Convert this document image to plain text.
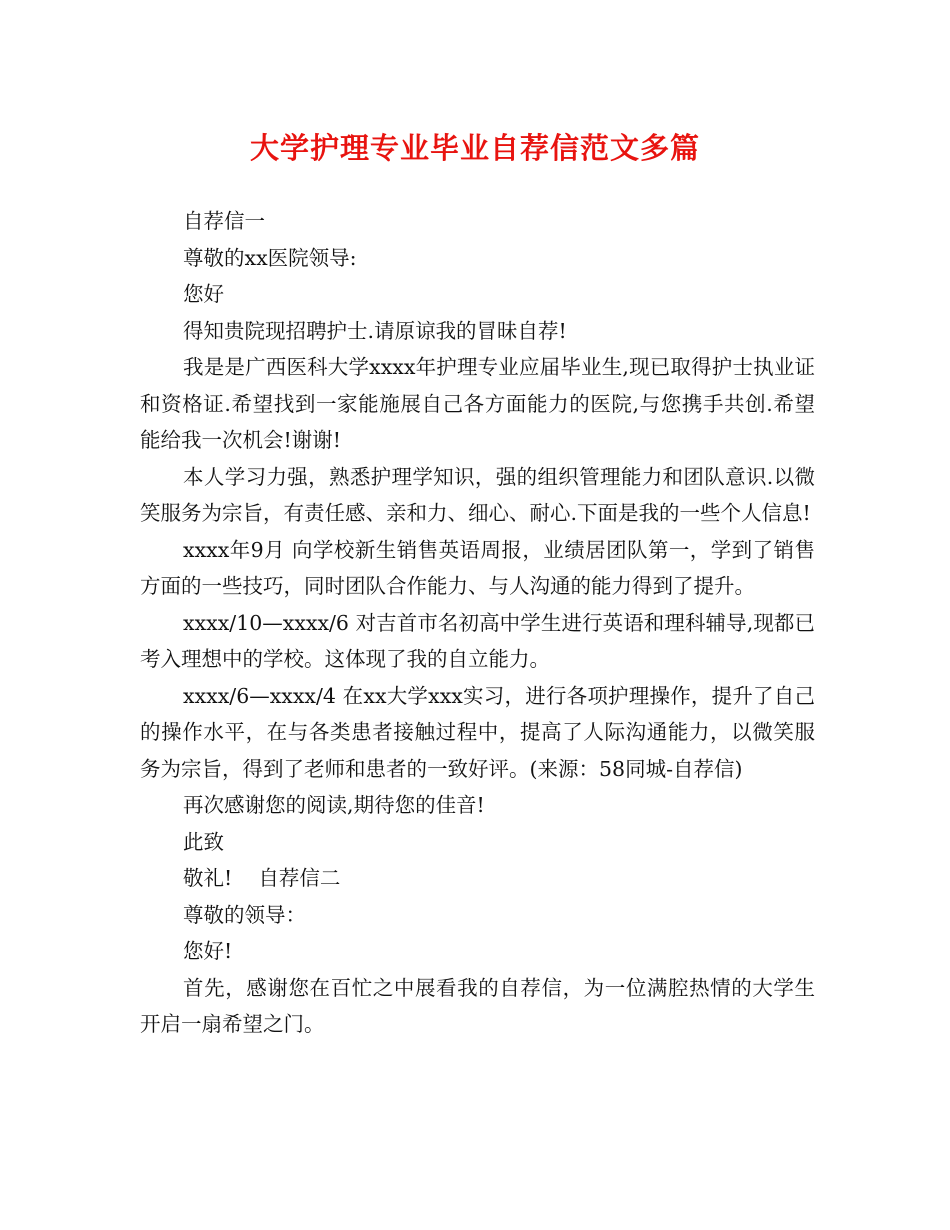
大学护理专业毕业自荐信范文多篇

自荐信一

尊敬的xx医院领导:

您好

得知贵院现招聘护士.请原谅我的冒昧自荐!

我是是广西医科大学xxxx年护理专业应届毕业生,现已取得护士执业证和资格证.希望找到一家能施展自己各方面能力的医院,与您携手共创.希望能给我一次机会!谢谢!

本人学习力强，熟悉护理学知识，强的组织管理能力和团队意识.以微笑服务为宗旨，有责任感、亲和力、细心、耐心.下面是我的一些个人信息!

xxxx年9月 向学校新生销售英语周报，业绩居团队第一，学到了销售方面的一些技巧，同时团队合作能力、与人沟通的能力得到了提升。

xxxx/10—xxxx/6 对吉首市名初高中学生进行英语和理科辅导,现都已考入理想中的学校。这体现了我的自立能力。

xxxx/6—xxxx/4 在xx大学xxx实习，进行各项护理操作，提升了自己的操作水平，在与各类患者接触过程中，提高了人际沟通能力，以微笑服务为宗旨，得到了老师和患者的一致好评。(来源：58同城-自荐信)

再次感谢您的阅读,期待您的佳音!

此致

敬礼!    自荐信二

尊敬的领导：

您好!

首先，感谢您在百忙之中展看我的自荐信，为一位满腔热情的大学生开启一扇希望之门。
